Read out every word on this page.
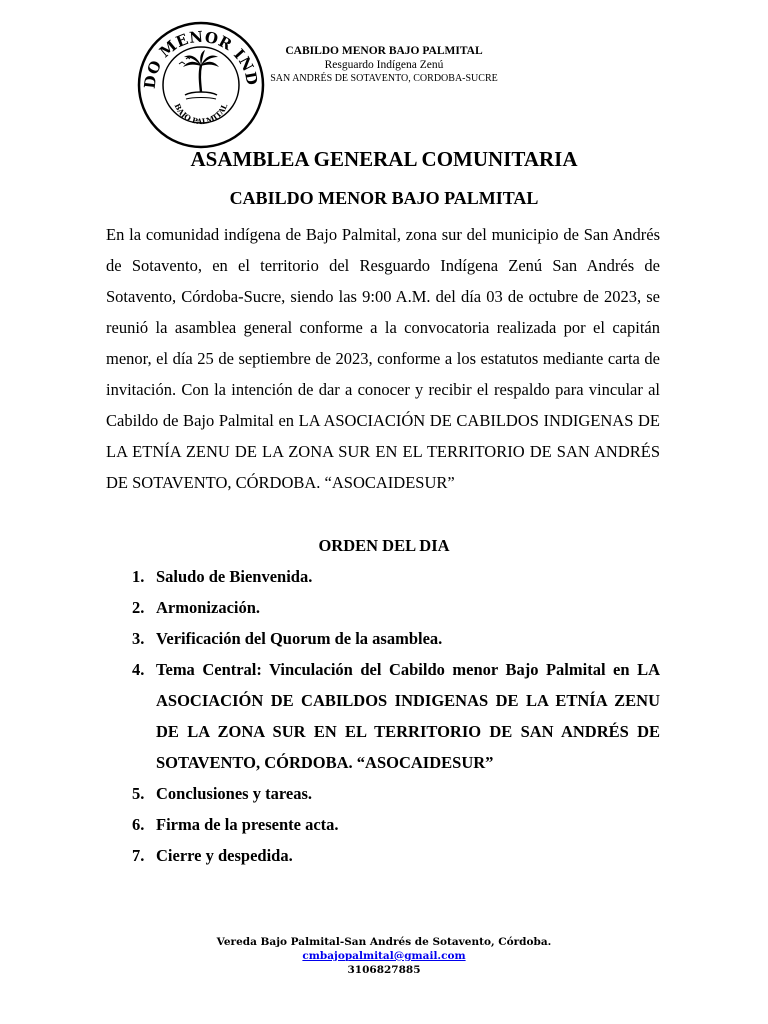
DO MENOR IND
BAJO PALMITAL
CABILDO MENOR BAJO PALMITAL
Resguardo Indígena Zenú
SAN ANDRÉS DE SOTAVENTO, CORDOBA-SUCRE
ASAMBLEA GENERAL COMUNITARIA
CABILDO MENOR BAJO PALMITAL

En la comunidad indígena de Bajo Palmital, zona sur del municipio de San Andrés de Sotavento, en el territorio del Resguardo Indígena Zenú San Andrés de Sotavento, Córdoba-Sucre, siendo las 9:00 A.M. del día 03 de octubre de 2023, se reunió la asamblea general conforme a la convocatoria realizada por el capitán menor, el día 25 de septiembre de 2023, conforme a los estatutos mediante carta de invitación. Con la intención de dar a conocer y recibir el respaldo para vincular al Cabildo de Bajo Palmital en LA ASOCIACIÓN DE CABILDOS INDIGENAS DE LA ETNÍA ZENU DE LA ZONA SUR EN EL TERRITORIO DE SAN ANDRÉS DE SOTAVENTO, CÓRDOBA. “ASOCAIDESUR”

ORDEN DEL DIA
1. Saludo de Bienvenida.
2. Armonización.
3. Verificación del Quorum de la asamblea.
4. Tema Central: Vinculación del Cabildo menor Bajo Palmital en LA ASOCIACIÓN DE CABILDOS INDIGENAS DE LA ETNÍA ZENU DE LA ZONA SUR EN EL TERRITORIO DE SAN ANDRÉS DE SOTAVENTO, CÓRDOBA. “ASOCAIDESUR”
5. Conclusiones y tareas.
6. Firma de la presente acta.
7. Cierre y despedida.
Vereda Bajo Palmital-San Andrés de Sotavento, Córdoba.
cmbajopalmital@gmail.com
3106827885
